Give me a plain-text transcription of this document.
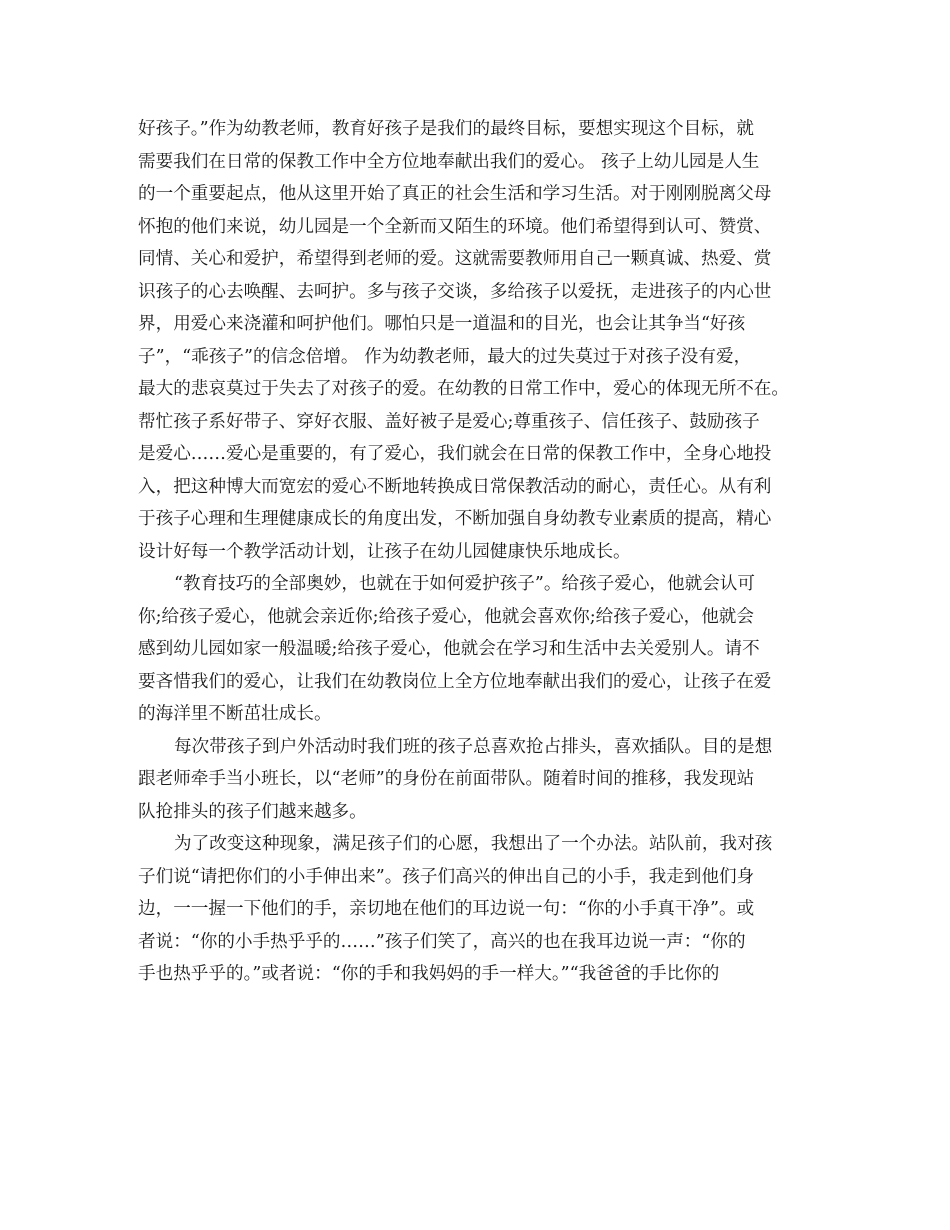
好孩子。”作为幼教老师，教育好孩子是我们的最终目标，要想实现这个目标，就
需要我们在日常的保教工作中全方位地奉献出我们的爱心。 孩子上幼儿园是人生
的一个重要起点，他从这里开始了真正的社会生活和学习生活。对于刚刚脱离父母
怀抱的他们来说，幼儿园是一个全新而又陌生的环境。他们希望得到认可、赞赏、
同情、关心和爱护，希望得到老师的爱。这就需要教师用自己一颗真诚、热爱、赏
识孩子的心去唤醒、去呵护。多与孩子交谈，多给孩子以爱抚，走进孩子的内心世
界，用爱心来浇灌和呵护他们。哪怕只是一道温和的目光，也会让其争当“好孩
子”，“乖孩子”的信念倍增。 作为幼教老师，最大的过失莫过于对孩子没有爱，
最大的悲哀莫过于失去了对孩子的爱。在幼教的日常工作中，爱心的体现无所不在。
帮忙孩子系好带子、穿好衣服、盖好被子是爱心;尊重孩子、信任孩子、鼓励孩子
是爱心……爱心是重要的，有了爱心，我们就会在日常的保教工作中，全身心地投
入，把这种博大而宽宏的爱心不断地转换成日常保教活动的耐心，责任心。从有利
于孩子心理和生理健康成长的角度出发，不断加强自身幼教专业素质的提高，精心
设计好每一个教学活动计划，让孩子在幼儿园健康快乐地成长。
“教育技巧的全部奥妙，也就在于如何爱护孩子”。给孩子爱心，他就会认可
你;给孩子爱心，他就会亲近你;给孩子爱心，他就会喜欢你;给孩子爱心，他就会
感到幼儿园如家一般温暖;给孩子爱心，他就会在学习和生活中去关爱别人。请不
要吝惜我们的爱心，让我们在幼教岗位上全方位地奉献出我们的爱心，让孩子在爱
的海洋里不断茁壮成长。
每次带孩子到户外活动时我们班的孩子总喜欢抢占排头，喜欢插队。目的是想
跟老师牵手当小班长，以“老师”的身份在前面带队。随着时间的推移，我发现站
队抢排头的孩子们越来越多。
为了改变这种现象，满足孩子们的心愿，我想出了一个办法。站队前，我对孩
子们说“请把你们的小手伸出来”。孩子们高兴的伸出自己的小手，我走到他们身
边，一一握一下他们的手，亲切地在他们的耳边说一句：“你的小手真干净”。或
者说：“你的小手热乎乎的……”孩子们笑了，高兴的也在我耳边说一声：“你的
手也热乎乎的。”或者说：“你的手和我妈妈的手一样大。”“我爸爸的手比你的
